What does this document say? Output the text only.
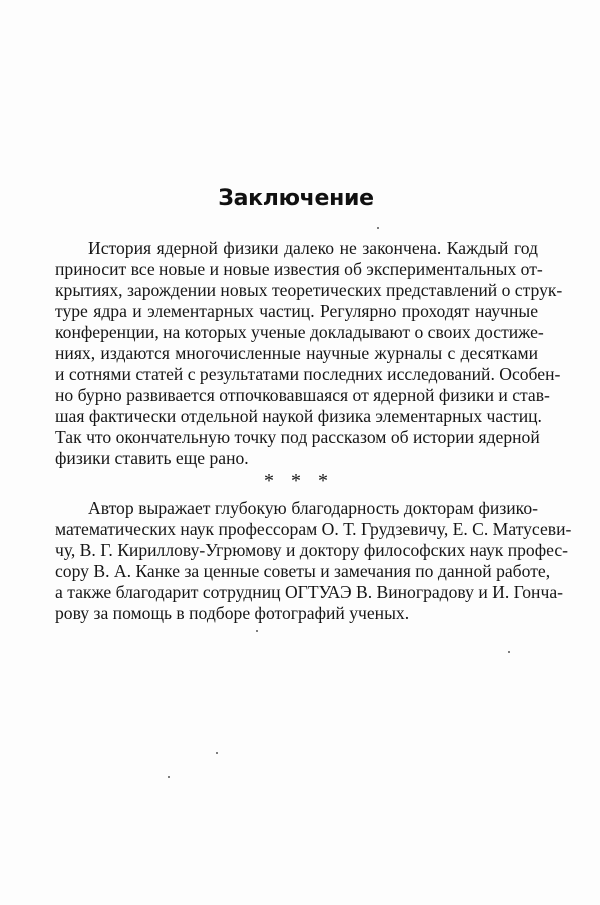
Заключение
История ядерной физики далеко не закончена. Каждый год
приносит все новые и новые известия об экспериментальных от-
крытиях, зарождении новых теоретических представлений о струк-
туре ядра и элементарных частиц. Регулярно проходят научные
конференции, на которых ученые докладывают о своих достиже-
ниях, издаются многочисленные научные журналы с десятками
и сотнями статей с результатами последних исследований. Особен-
но бурно развивается отпочковавшаяся от ядерной физики и став-
шая фактически отдельной наукой физика элементарных частиц.
Так что окончательную точку под рассказом об истории ядерной
физики ставить еще рано.
* * *
Автор выражает глубокую благодарность докторам физико-
математических наук профессорам О. Т. Грудзевичу, Е. С. Матусеви-
чу, В. Г. Кириллову-Угрюмову и доктору философских наук профес-
сору В. А. Канке за ценные советы и замечания по данной работе,
а также благодарит сотрудниц ОГТУАЭ В. Виноградову и И. Гонча-
рову за помощь в подборе фотографий ученых.
